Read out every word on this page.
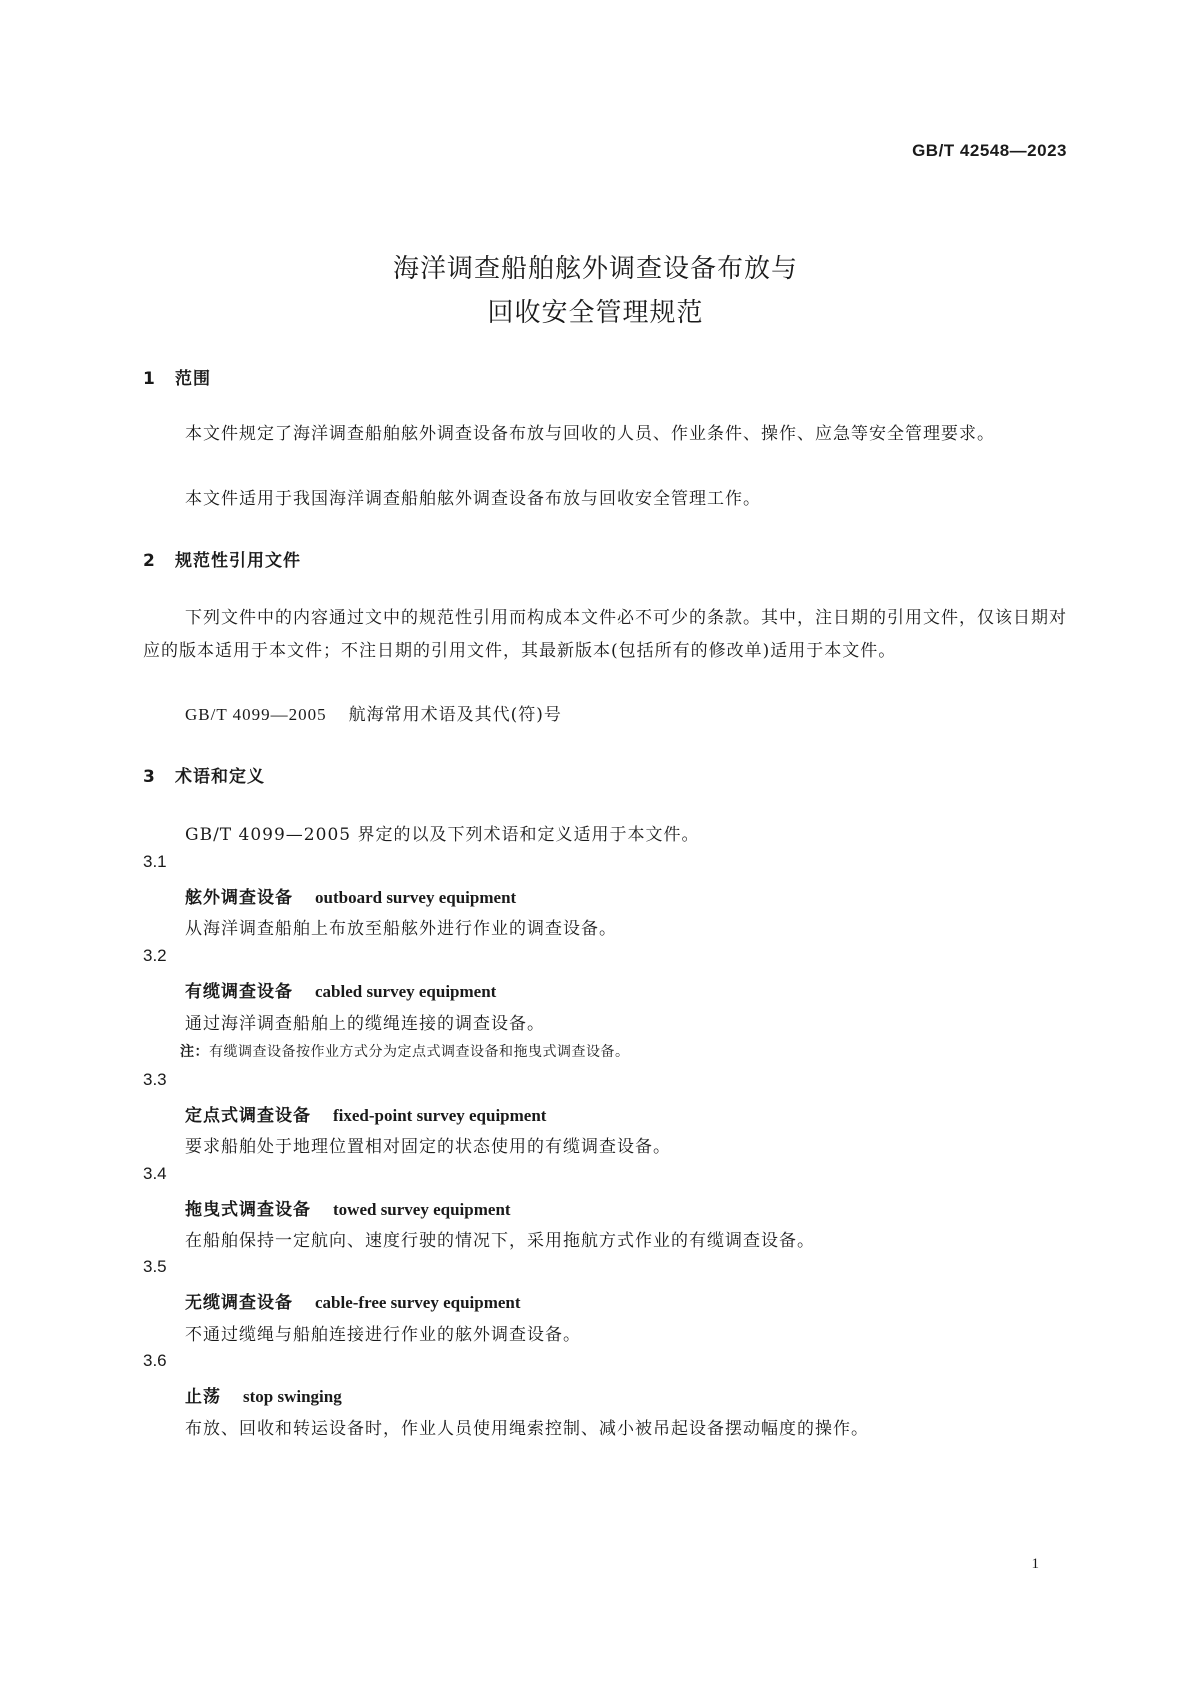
GB/T 42548—2023
海洋调查船舶舷外调查设备布放与
回收安全管理规范
1 范围
本文件规定了海洋调查船舶舷外调查设备布放与回收的人员、作业条件、操作、应急等安全管理要求。
本文件适用于我国海洋调查船舶舷外调查设备布放与回收安全管理工作。
2 规范性引用文件
下列文件中的内容通过文中的规范性引用而构成本文件必不可少的条款。其中，注日期的引用文件，仅该日期对应的版本适用于本文件；不注日期的引用文件，其最新版本(包括所有的修改单)适用于本文件。
GB/T 4099—2005 航海常用术语及其代(符)号
3 术语和定义
GB/T 4099—2005 界定的以及下列术语和定义适用于本文件。
3.1
舷外调查设备 outboard survey equipment
从海洋调查船舶上布放至船舷外进行作业的调查设备。
3.2
有缆调查设备 cabled survey equipment
通过海洋调查船舶上的缆绳连接的调查设备。
注：有缆调查设备按作业方式分为定点式调查设备和拖曳式调查设备。
3.3
定点式调查设备 fixed-point survey equipment
要求船舶处于地理位置相对固定的状态使用的有缆调查设备。
3.4
拖曳式调查设备 towed survey equipment
在船舶保持一定航向、速度行驶的情况下，采用拖航方式作业的有缆调查设备。
3.5
无缆调查设备 cable-free survey equipment
不通过缆绳与船舶连接进行作业的舷外调查设备。
3.6
止荡 stop swinging
布放、回收和转运设备时，作业人员使用绳索控制、减小被吊起设备摆动幅度的操作。
1
